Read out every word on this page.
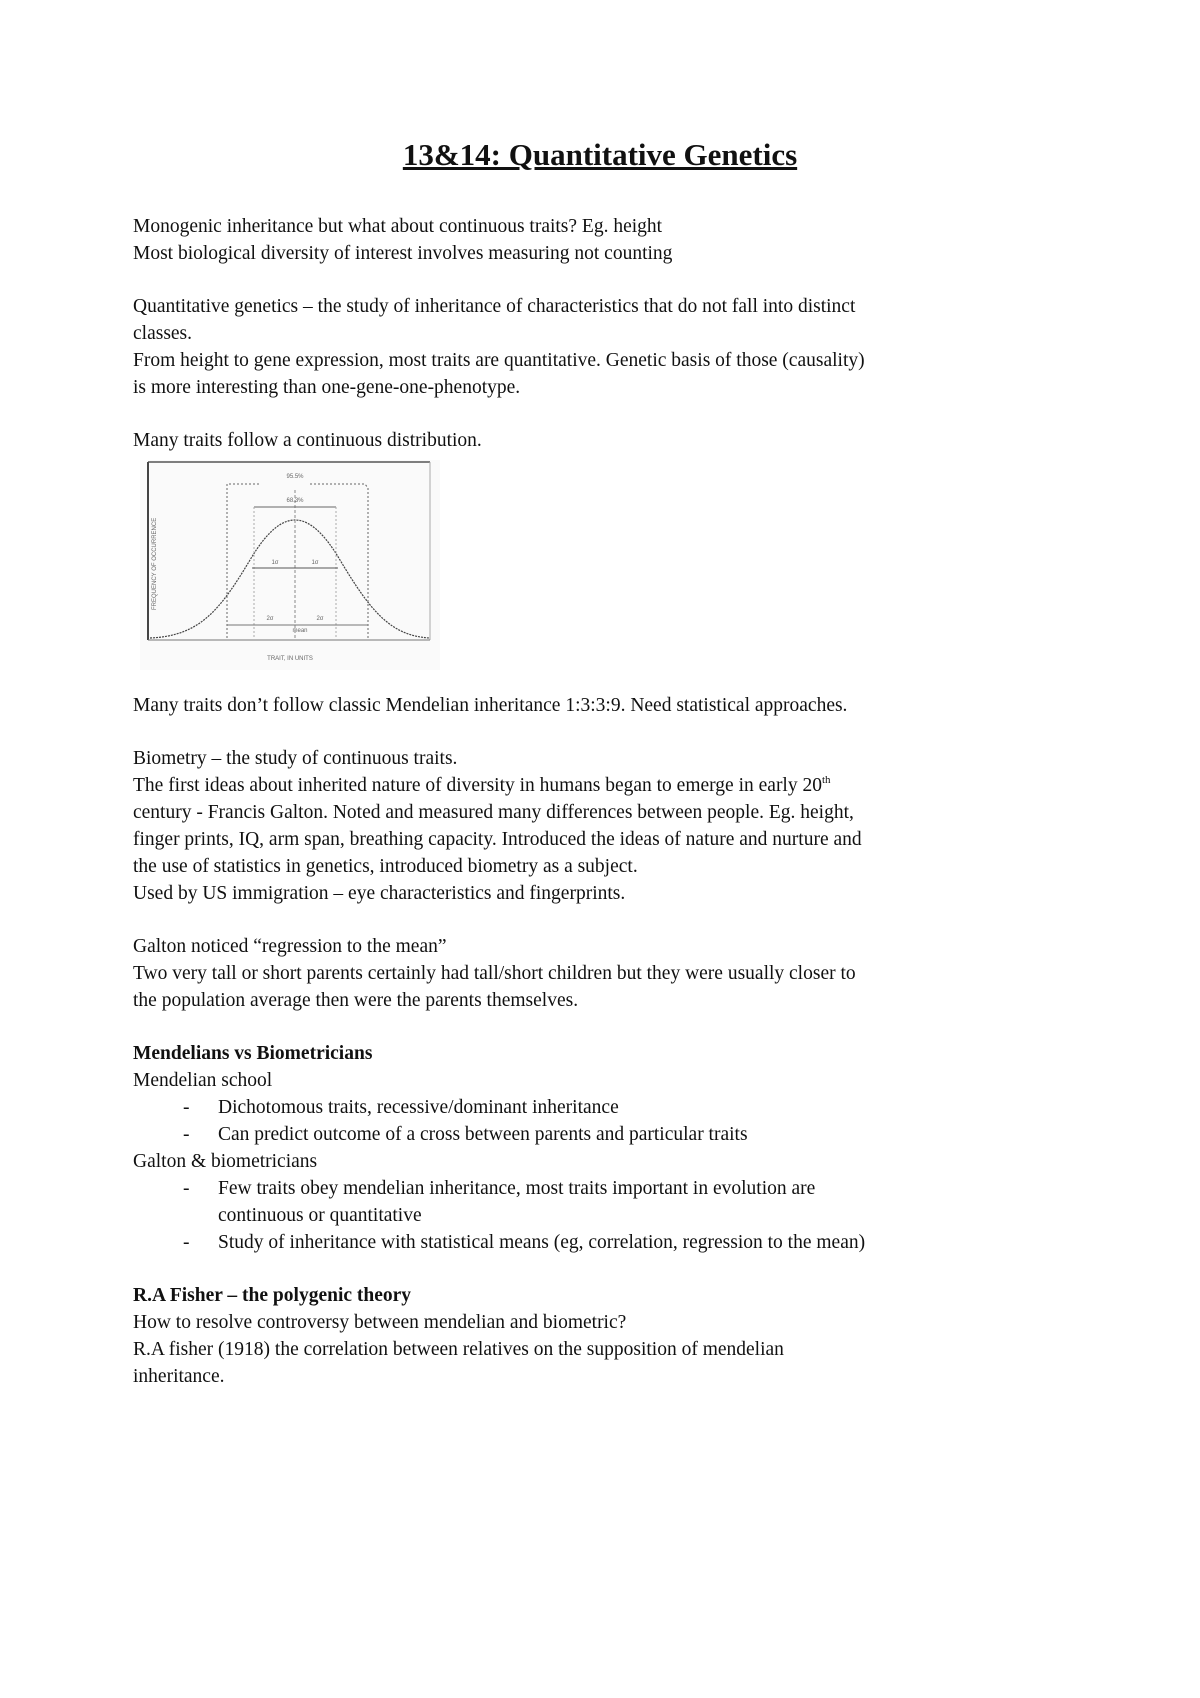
13&14: Quantitative Genetics
Monogenic inheritance but what about continuous traits? Eg. height
Most biological diversity of interest involves measuring not counting
Quantitative genetics – the study of inheritance of characteristics that do not fall into distinct
classes.
From height to gene expression, most traits are quantitative. Genetic basis of those (causality)
is more interesting than one-gene-one-phenotype.
Many traits follow a continuous distribution.
95.5%
68.3%
1σ	1σ
2σ	2σ
mean
FREQUENCY OF OCCURRENCE
TRAIT, IN UNITS
Many traits don’t follow classic Mendelian inheritance 1:3:3:9. Need statistical approaches.
Biometry – the study of continuous traits.
The first ideas about inherited nature of diversity in humans began to emerge in early 20th
century - Francis Galton. Noted and measured many differences between people. Eg. height,
finger prints, IQ, arm span, breathing capacity. Introduced the ideas of nature and nurture and
the use of statistics in genetics, introduced biometry as a subject.
Used by US immigration – eye characteristics and fingerprints.
Galton noticed “regression to the mean”
Two very tall or short parents certainly had tall/short children but they were usually closer to
the population average then were the parents themselves.
Mendelians vs Biometricians
Mendelian school
- Dichotomous traits, recessive/dominant inheritance
- Can predict outcome of a cross between parents and particular traits
Galton & biometricians
- Few traits obey mendelian inheritance, most traits important in evolution are
continuous or quantitative
- Study of inheritance with statistical means (eg, correlation, regression to the mean)
R.A Fisher – the polygenic theory
How to resolve controversy between mendelian and biometric?
R.A fisher (1918) the correlation between relatives on the supposition of mendelian
inheritance.
